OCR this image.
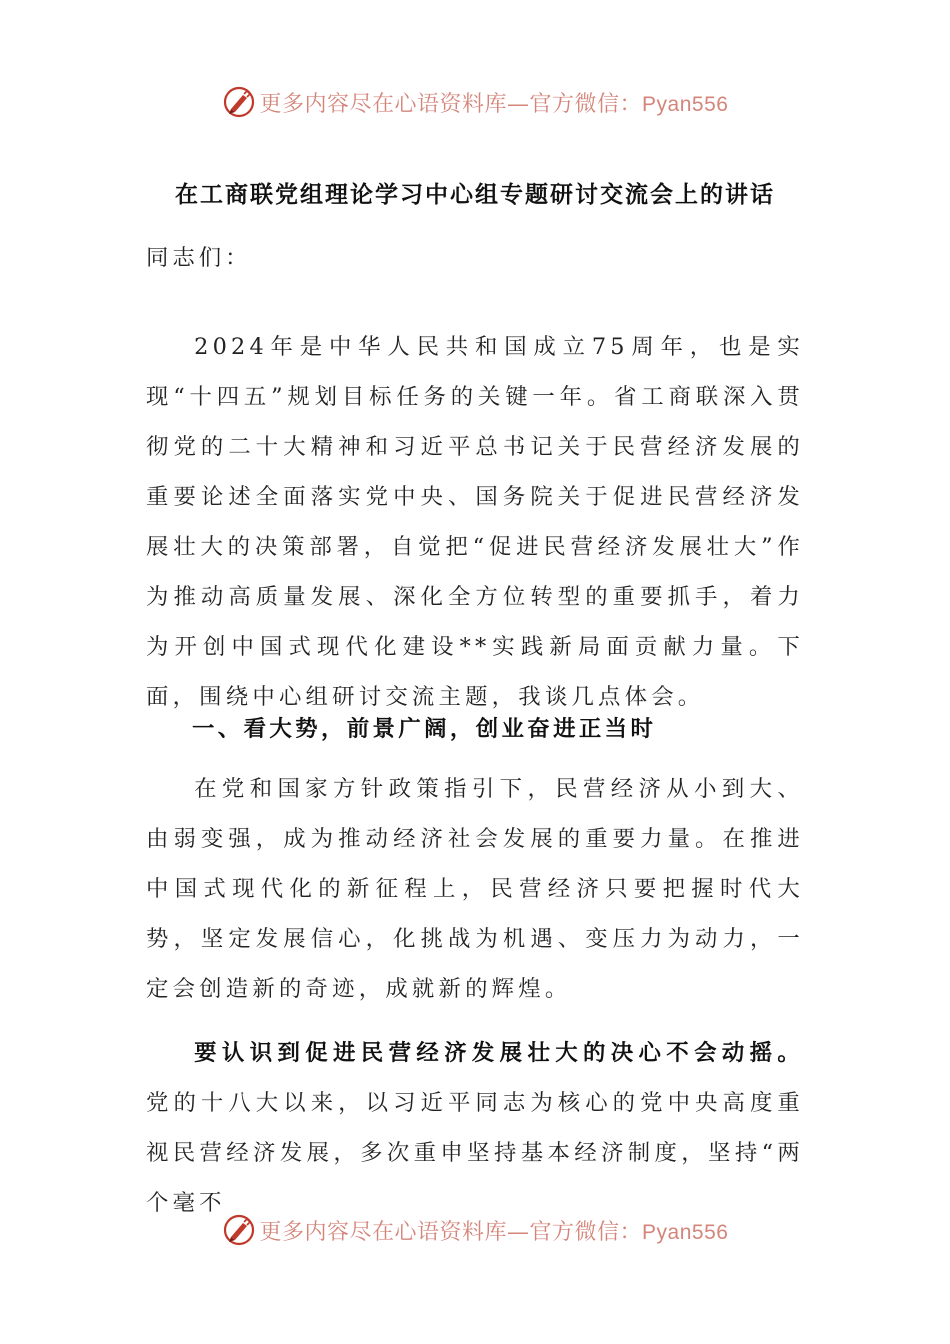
更多内容尽在心语资料库—官方微信：Pyan556
在工商联党组理论学习中心组专题研讨交流会上的讲话

同志们：

2024年是中华人民共和国成立75周年，也是实现“十四五”规划目标任务的关键一年。省工商联深入贯彻党的二十大精神和习近平总书记关于民营经济发展的重要论述全面落实党中央、国务院关于促进民营经济发展壮大的决策部署，自觉把“促进民营经济发展壮大”作为推动高质量发展、深化全方位转型的重要抓手，着力为开创中国式现代化建设**实践新局面贡献力量。下面，围绕中心组研讨交流主题，我谈几点体会。

一、看大势，前景广阔，创业奋进正当时

在党和国家方针政策指引下，民营经济从小到大、由弱变强，成为推动经济社会发展的重要力量。在推进中国式现代化的新征程上，民营经济只要把握时代大势，坚定发展信心，化挑战为机遇、变压力为动力，一定会创造新的奇迹，成就新的辉煌。

要认识到促进民营经济发展壮大的决心不会动摇。党的十八大以来，以习近平同志为核心的党中央高度重视民营经济发展，多次重申坚持基本经济制度，坚持“两个毫不

更多内容尽在心语资料库—官方微信：Pyan556
